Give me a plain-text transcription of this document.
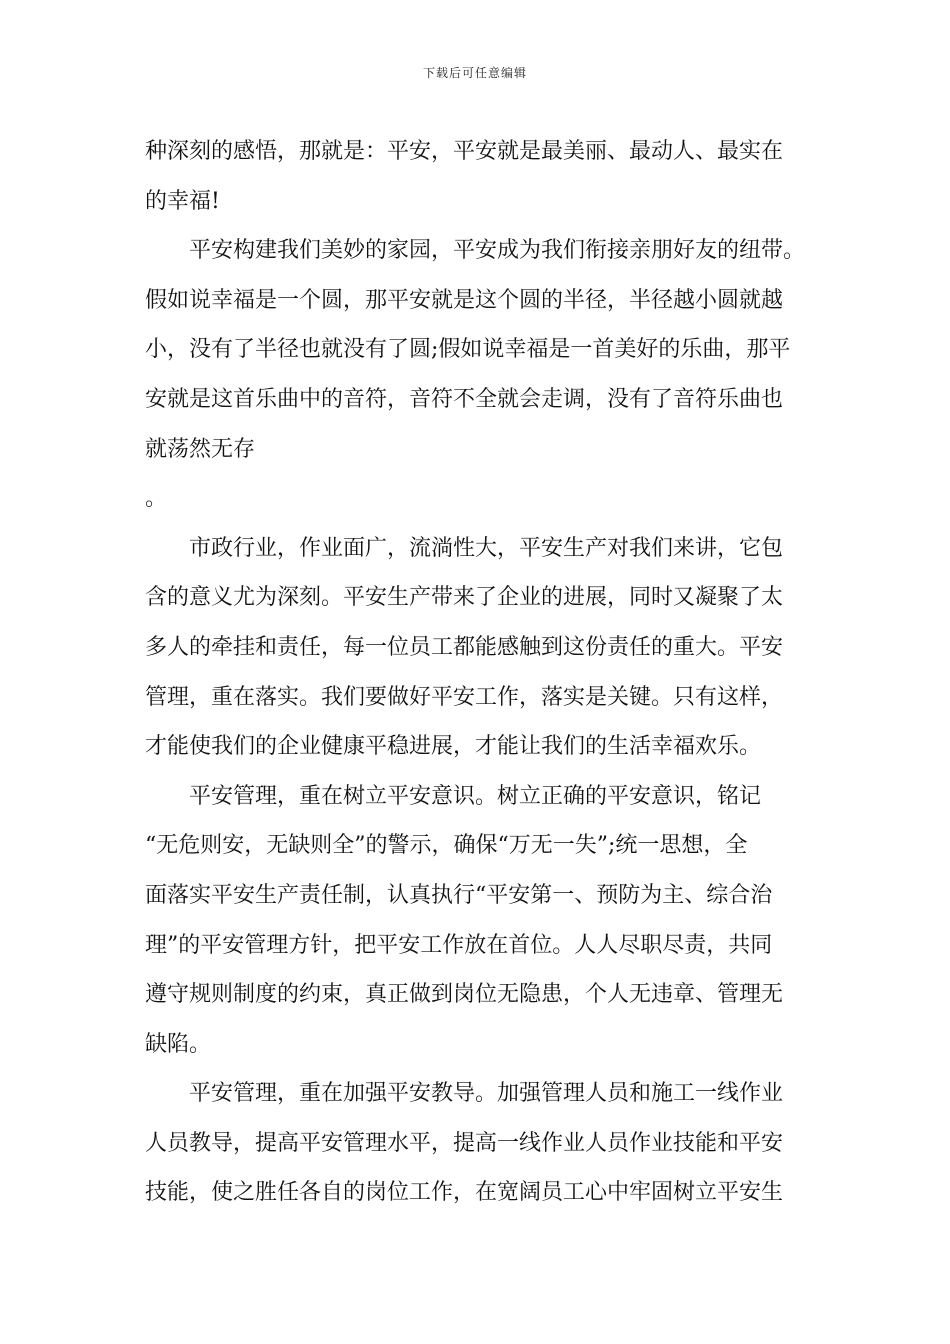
下载后可任意编辑
种深刻的感悟，那就是：平安，平安就是最美丽、最动人、最实在
的幸福!
平安构建我们美妙的家园，平安成为我们衔接亲朋好友的纽带。
假如说幸福是一个圆，那平安就是这个圆的半径，半径越小圆就越
小，没有了半径也就没有了圆;假如说幸福是一首美好的乐曲，那平
安就是这首乐曲中的音符，音符不全就会走调，没有了音符乐曲也
就荡然无存
。
市政行业，作业面广，流淌性大，平安生产对我们来讲，它包
含的意义尤为深刻。平安生产带来了企业的进展，同时又凝聚了太
多人的牵挂和责任，每一位员工都能感触到这份责任的重大。平安
管理，重在落实。我们要做好平安工作，落实是关键。只有这样，
才能使我们的企业健康平稳进展，才能让我们的生活幸福欢乐。
平安管理，重在树立平安意识。树立正确的平安意识，铭记
“无危则安，无缺则全”的警示，确保“万无一失”;统一思想，全
面落实平安生产责任制，认真执行“平安第一、预防为主、综合治
理”的平安管理方针，把平安工作放在首位。人人尽职尽责，共同
遵守规则制度的约束，真正做到岗位无隐患，个人无违章、管理无
缺陷。
平安管理，重在加强平安教导。加强管理人员和施工一线作业
人员教导，提高平安管理水平，提高一线作业人员作业技能和平安
技能，使之胜任各自的岗位工作，在宽阔员工心中牢固树立平安生
